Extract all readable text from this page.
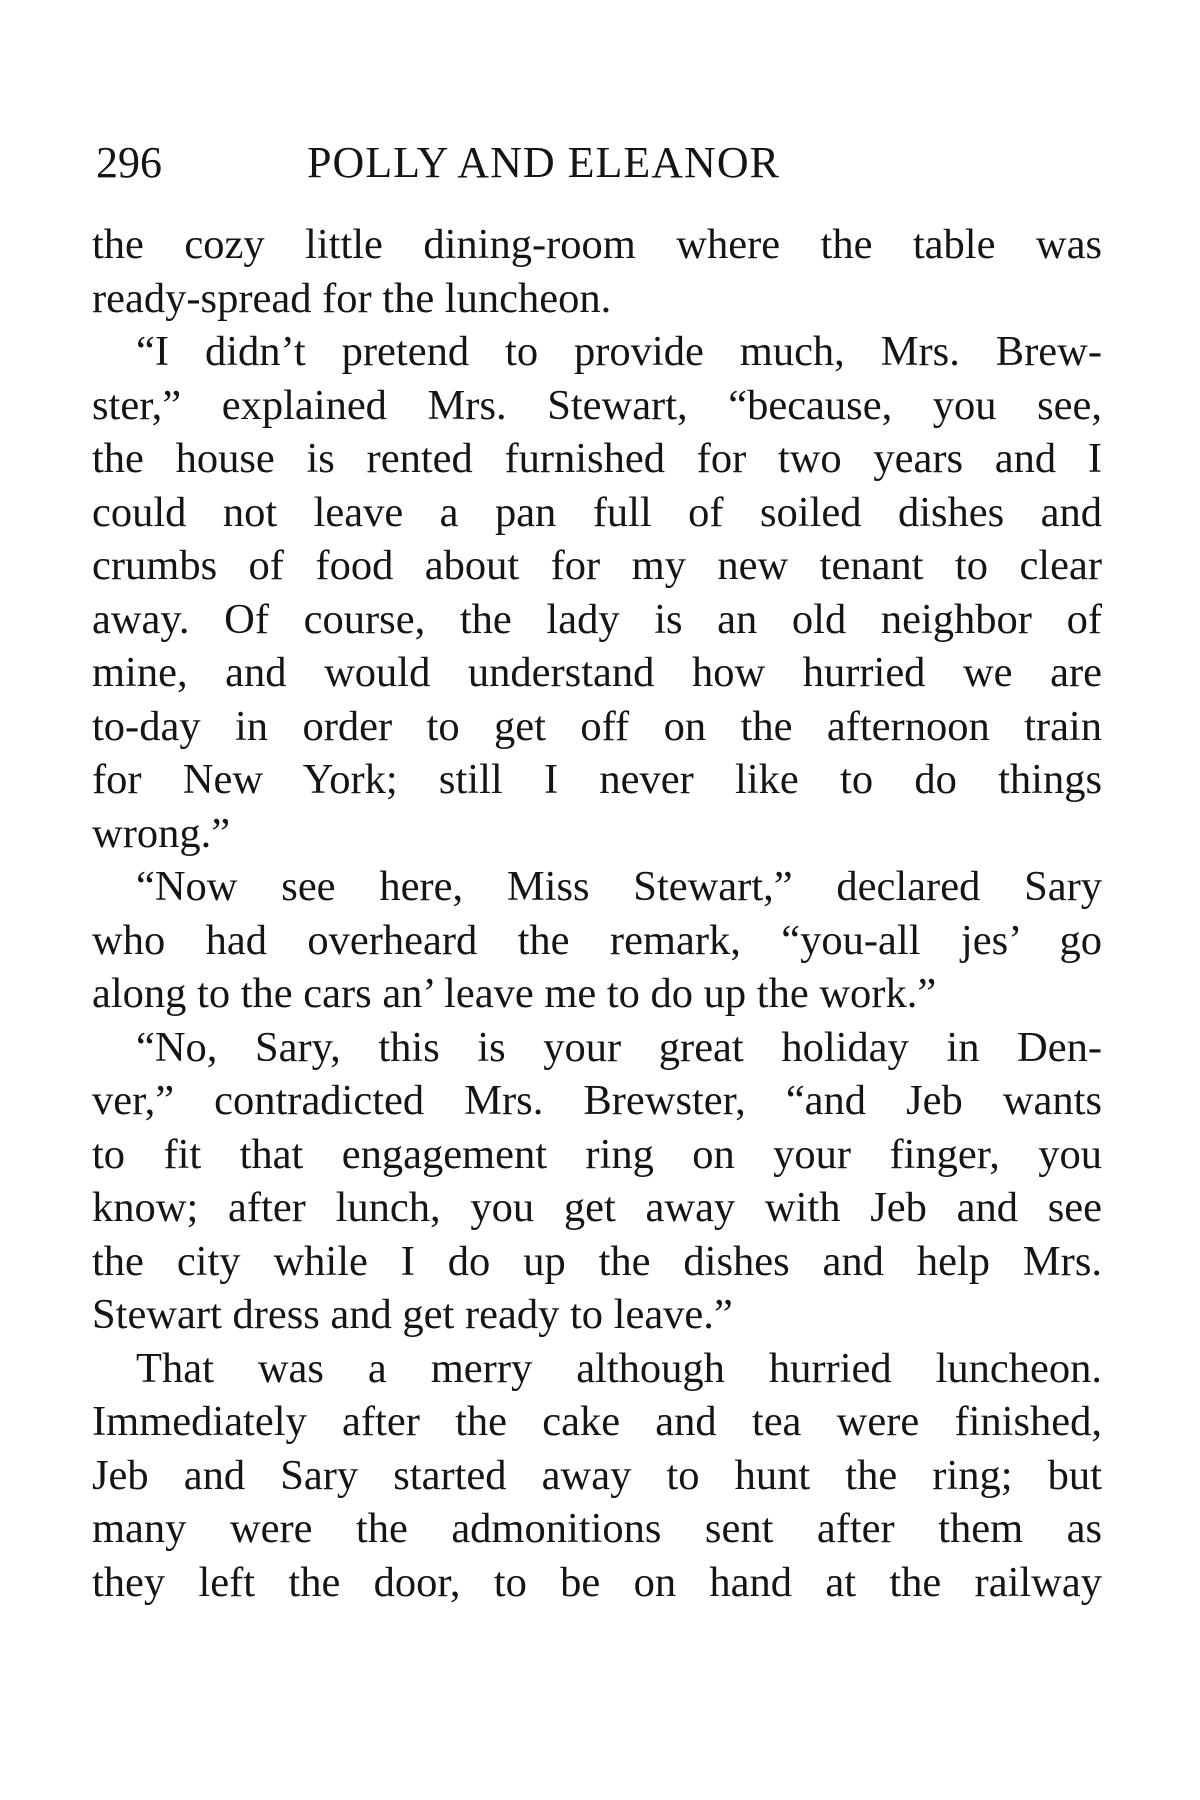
296	POLLY AND ELEANOR
the cozy little dining-room where the table was
ready-spread for the luncheon.
“I didn’t pretend to provide much, Mrs. Brew-
ster,” explained Mrs. Stewart, “because, you see,
the house is rented furnished for two years and I
could not leave a pan full of soiled dishes and
crumbs of food about for my new tenant to clear
away. Of course, the lady is an old neighbor of
mine, and would understand how hurried we are
to-day in order to get off on the afternoon train
for New York; still I never like to do things
wrong.”
“Now see here, Miss Stewart,” declared Sary
who had overheard the remark, “you-all jes’ go
along to the cars an’ leave me to do up the work.”
“No, Sary, this is your great holiday in Den-
ver,” contradicted Mrs. Brewster, “and Jeb wants
to fit that engagement ring on your finger, you
know; after lunch, you get away with Jeb and see
the city while I do up the dishes and help Mrs.
Stewart dress and get ready to leave.”
That was a merry although hurried luncheon.
Immediately after the cake and tea were finished,
Jeb and Sary started away to hunt the ring; but
many were the admonitions sent after them as
they left the door, to be on hand at the railway
